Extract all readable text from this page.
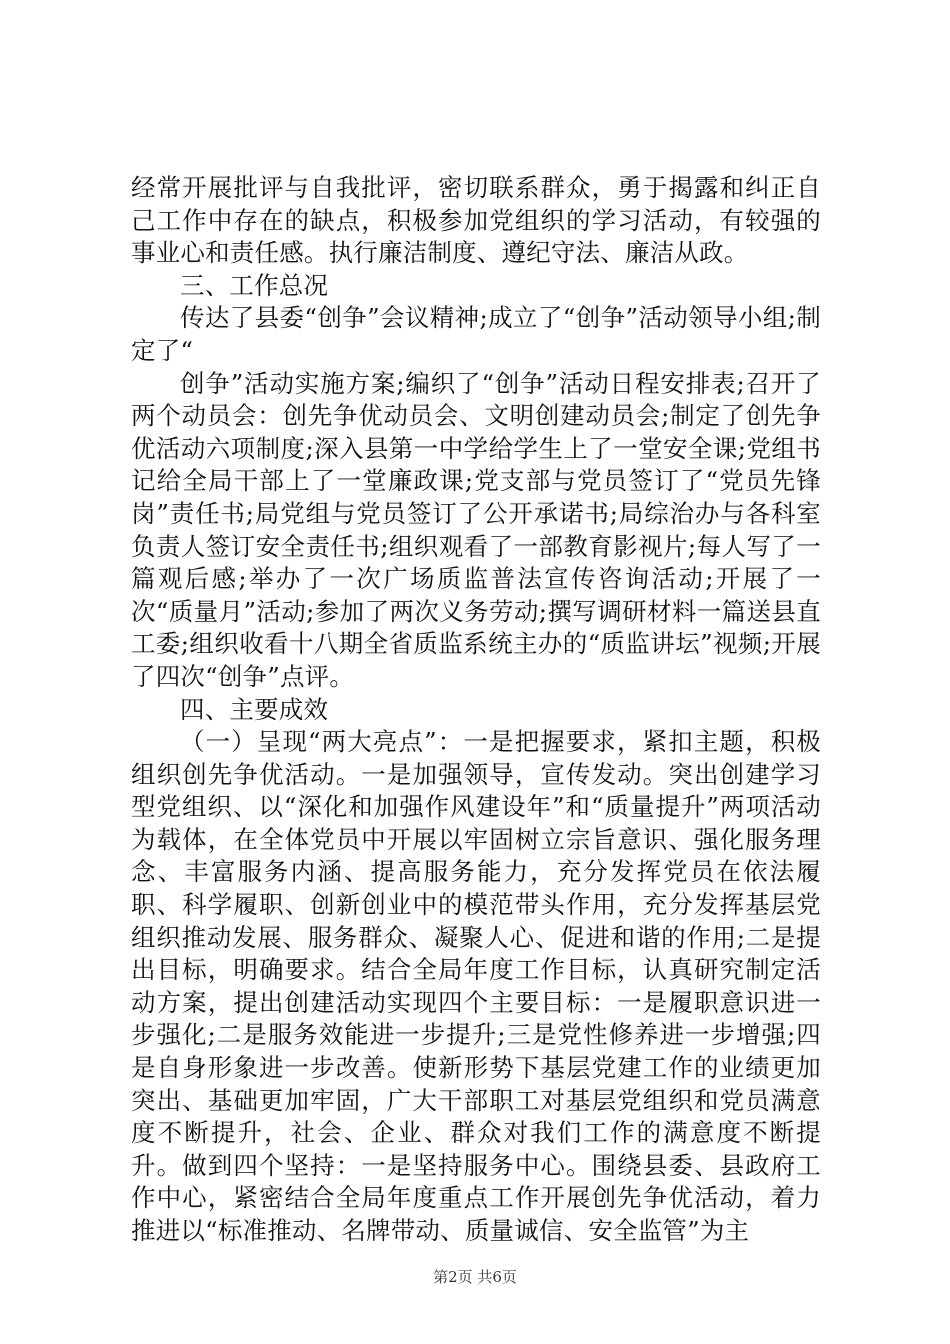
经常开展批评与自我批评，密切联系群众，勇于揭露和纠正自己工作中存在的缺点，积极参加党组织的学习活动，有较强的事业心和责任感。执行廉洁制度、遵纪守法、廉洁从政。

三、工作总况

传达了县委“创争”会议精神;成立了“创争”活动领导小组;制定了“

创争”活动实施方案;编织了“创争”活动日程安排表;召开了两个动员会：创先争优动员会、文明创建动员会;制定了创先争优活动六项制度;深入县第一中学给学生上了一堂安全课;党组书记给全局干部上了一堂廉政课;党支部与党员签订了“党员先锋岗”责任书;局党组与党员签订了公开承诺书;局综治办与各科室负责人签订安全责任书;组织观看了一部教育影视片;每人写了一篇观后感;举办了一次广场质监普法宣传咨询活动;开展了一次“质量月”活动;参加了两次义务劳动;撰写调研材料一篇送县直工委;组织收看十八期全省质监系统主办的“质监讲坛”视频;开展了四次“创争”点评。

四、主要成效

（一）呈现“两大亮点”：一是把握要求，紧扣主题，积极组织创先争优活动。一是加强领导，宣传发动。突出创建学习型党组织、以“深化和加强作风建设年”和“质量提升”两项活动为载体，在全体党员中开展以牢固树立宗旨意识、强化服务理念、丰富服务内涵、提高服务能力，充分发挥党员在依法履职、科学履职、创新创业中的模范带头作用，充分发挥基层党组织推动发展、服务群众、凝聚人心、促进和谐的作用;二是提出目标，明确要求。结合全局年度工作目标，认真研究制定活动方案，提出创建活动实现四个主要目标：一是履职意识进一步强化;二是服务效能进一步提升;三是党性修养进一步增强;四是自身形象进一步改善。使新形势下基层党建工作的业绩更加突出、基础更加牢固，广大干部职工对基层党组织和党员满意度不断提升，社会、企业、群众对我们工作的满意度不断提升。做到四个坚持：一是坚持服务中心。围绕县委、县政府工作中心，紧密结合全局年度重点工作开展创先争优活动，着力推进以“标准推动、名牌带动、质量诚信、安全监管”为主

第2页 共6页
